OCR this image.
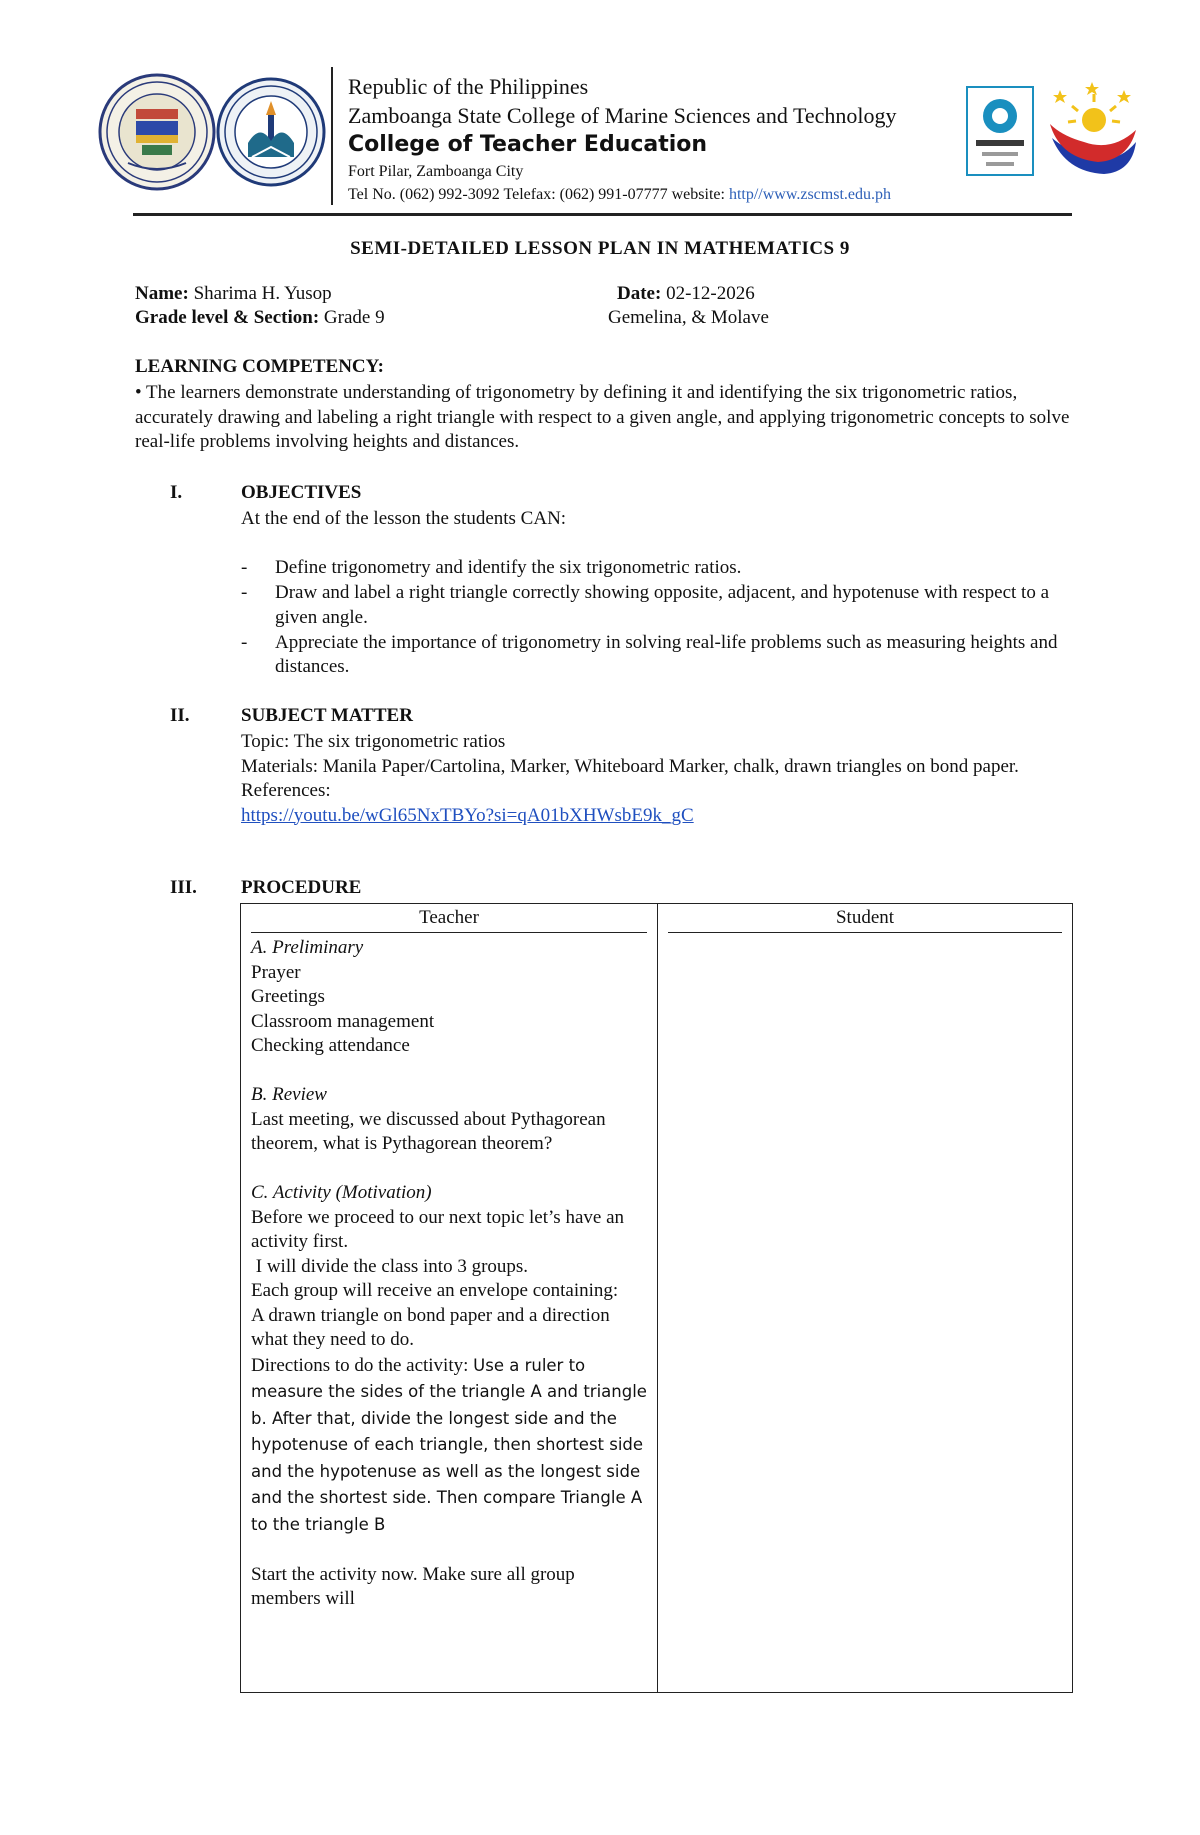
Republic of the Philippines
Zamboanga State College of Marine Sciences and Technology
College of Teacher Education
Fort Pilar, Zamboanga City
Tel No. (062) 992-3092 Telefax: (062) 991-07777 website: http//www.zscmst.edu.ph
SEMI-DETAILED LESSON PLAN IN MATHEMATICS 9
Name: Sharima H. Yusop	Date: 02-12-2026
Grade level & Section: Grade 9	Gemelina, & Molave
LEARNING COMPETENCY:
• The learners demonstrate understanding of trigonometry by defining it and identifying the six trigonometric ratios, accurately drawing and labeling a right triangle with respect to a given angle, and applying trigonometric concepts to solve real-life problems involving heights and distances.
I.	OBJECTIVES
At the end of the lesson the students CAN:
- Define trigonometry and identify the six trigonometric ratios.
- Draw and label a right triangle correctly showing opposite, adjacent, and hypotenuse with respect to a given angle.
- Appreciate the importance of trigonometry in solving real-life problems such as measuring heights and distances.
II.	SUBJECT MATTER
Topic: The six trigonometric ratios
Materials: Manila Paper/Cartolina, Marker, Whiteboard Marker, chalk, drawn triangles on bond paper.
References:
https://youtu.be/wGl65NxTBYo?si=qA01bXHWsbE9k_gC
III. PROCEDURE
Teacher
A. Preliminary
Prayer
Greetings
Classroom management
Checking attendance
B. Review
Last meeting, we discussed about Pythagorean theorem, what is Pythagorean theorem?
C. Activity (Motivation)
Before we proceed to our next topic let’s have an activity first.
I will divide the class into 3 groups.
Each group will receive an envelope containing:
A drawn triangle on bond paper and a direction what they need to do.
Directions to do the activity: Use a ruler to measure the sides of the triangle A and triangle b. After that, divide the longest side and the hypotenuse of each triangle, then shortest side and the hypotenuse as well as the longest side and the shortest side. Then compare Triangle A to the triangle B
Start the activity now. Make sure all group members will
Student
